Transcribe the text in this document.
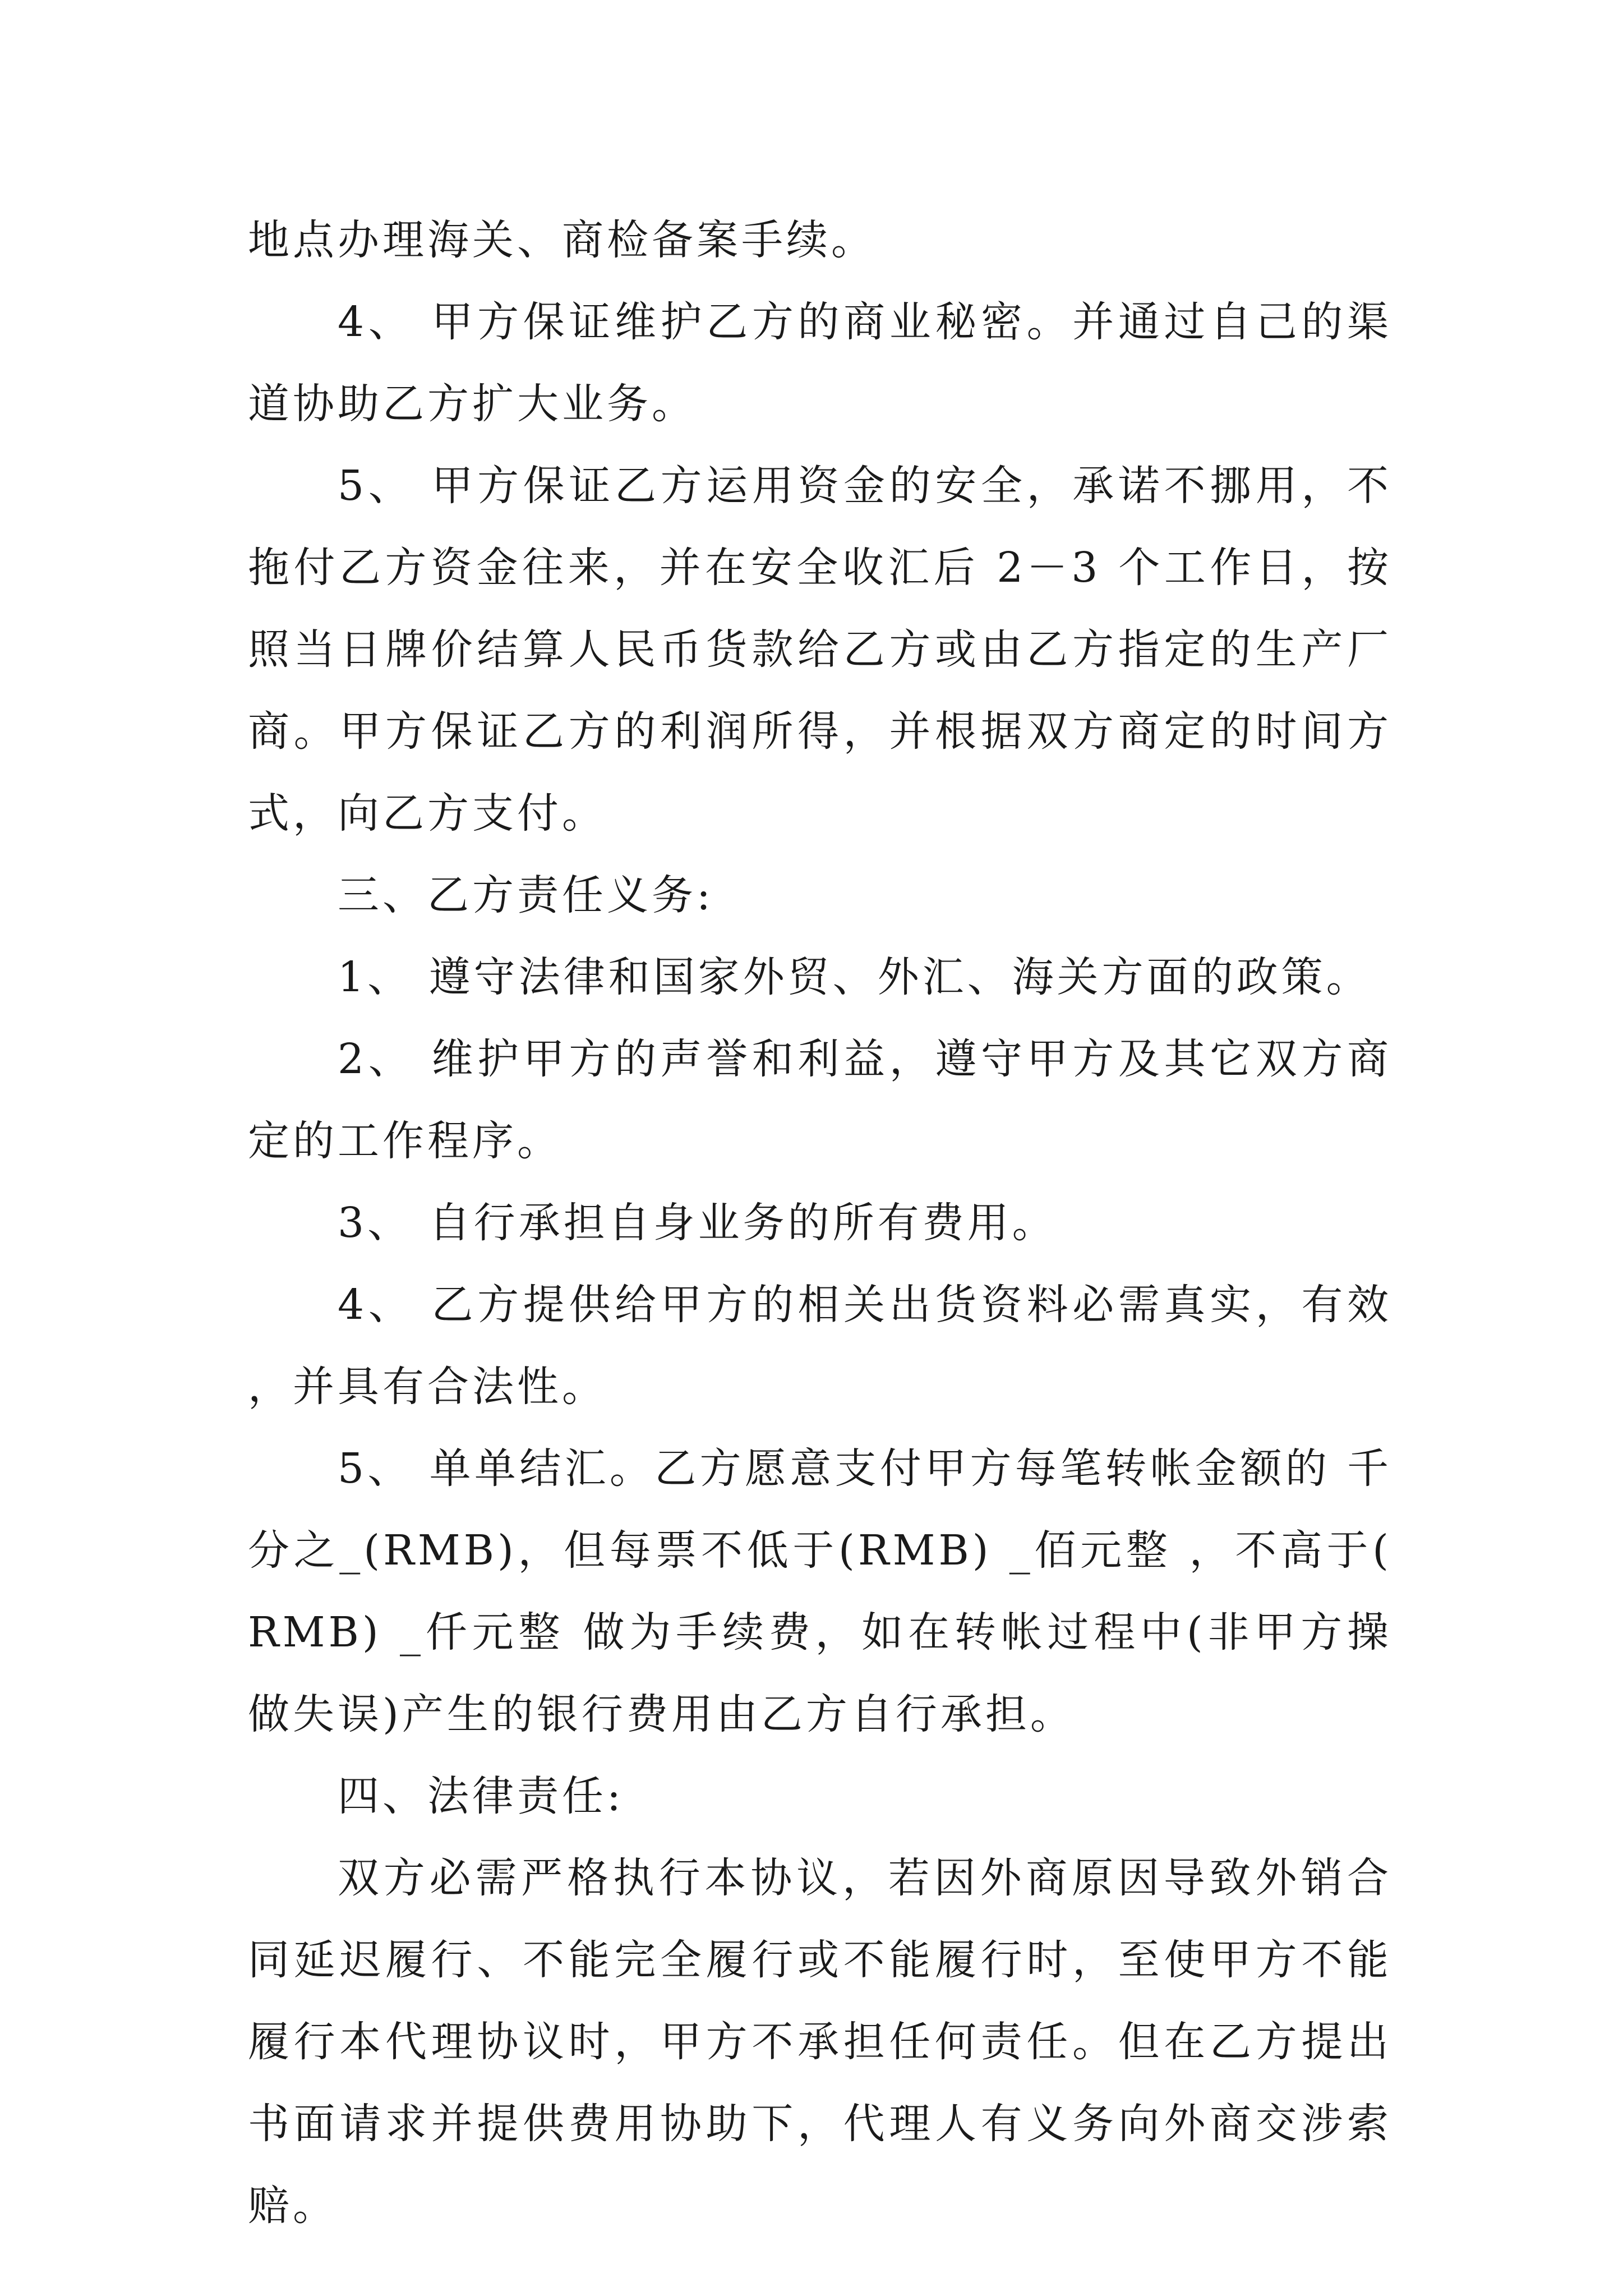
地点办理海关、商检备案手续。

4、 甲方保证维护乙方的商业秘密。并通过自己的渠道协助乙方扩大业务。

5、 甲方保证乙方运用资金的安全，承诺不挪用，不拖付乙方资金往来，并在安全收汇后 2－3 个工作日，按照当日牌价结算人民币货款给乙方或由乙方指定的生产厂商。甲方保证乙方的利润所得，并根据双方商定的时间方式，向乙方支付。

三、乙方责任义务:

1、 遵守法律和国家外贸、外汇、海关方面的政策。

2、 维护甲方的声誉和利益，遵守甲方及其它双方商定的工作程序。

3、 自行承担自身业务的所有费用。

4、 乙方提供给甲方的相关出货资料必需真实，有效，并具有合法性。

5、 单单结汇。乙方愿意支付甲方每笔转帐金额的 千分之_(RMB)，但每票不低于(RMB) _佰元整 ，不高于(RMB) _仟元整 做为手续费，如在转帐过程中(非甲方操做失误)产生的银行费用由乙方自行承担。

四、法律责任:

双方必需严格执行本协议，若因外商原因导致外销合同延迟履行、不能完全履行或不能履行时，至使甲方不能履行本代理协议时，甲方不承担任何责任。但在乙方提出书面请求并提供费用协助下，代理人有义务向外商交涉索赔。
